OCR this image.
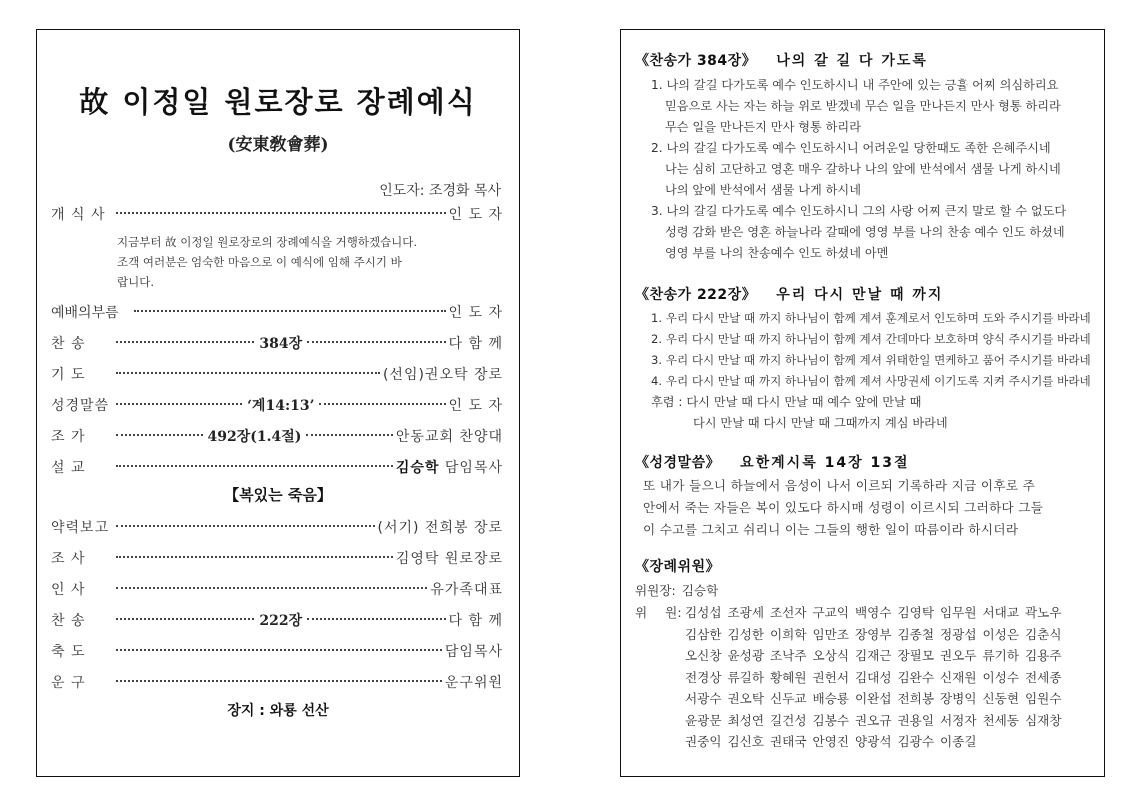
故 이정일 원로장로 장례예식
(安東敎會葬)
인도자: 조경화 목사
개 식 사	인 도 자
지금부터 故 이정일 원로장로의 장례예식을 거행하겠습니다.
조객 여러분은 엄숙한 마음으로 이 예식에 임해 주시기 바
랍니다.
예배의부름	인 도 자
찬 송	384장	다 함 께
기 도	(선임)권오탁 장로
성경말씀	‘계14:13’	인 도 자
조 가	492장(1.4절)	안동교회 찬양대
설 교	김승학 담임목사
【복있는 죽음】
약력보고	(서기) 전희봉 장로
조 사	김영탁 원로장로
인 사	유가족대표
찬 송	222장	다 함 께
축 도	담임목사
운 구	운구위원
장지 : 와룡 선산
《찬송가 384장》 나의 갈 길 다 가도록
1. 나의 갈길 다가도록 예수 인도하시니 내 주안에 있는 긍휼 어찌 의심하리요
믿음으로 사는 자는 하늘 위로 받겠네 무슨 일을 만나든지 만사 형통 하리라
무슨 일을 만나든지 만사 형통 하리라
2. 나의 갈길 다가도록 예수 인도하시니 어려운일 당한때도 족한 은혜주시네
나는 심히 고단하고 영혼 매우 갈하나 나의 앞에 반석에서 샘물 나게 하시네
나의 앞에 반석에서 샘물 나게 하시네
3. 나의 갈길 다가도록 예수 인도하시니 그의 사랑 어찌 큰지 말로 할 수 없도다
성령 감화 받은 영혼 하늘나라 갈때에 영영 부를 나의 찬송 예수 인도 하셨네
영영 부를 나의 찬송예수 인도 하셨네 아멘
《찬송가 222장》 우리 다시 만날 때 까지
1. 우리 다시 만날 때 까지 하나님이 함께 계셔 훈계로서 인도하며 도와 주시기를 바라네
2. 우리 다시 만날 때 까지 하나님이 함께 계셔 간데마다 보호하며 양식 주시기를 바라네
3. 우리 다시 만날 때 까지 하나님이 함께 계셔 위태한일 면케하고 품어 주시기를 바라네
4. 우리 다시 만날 때 까지 하나님이 함께 계셔 사망권세 이기도록 지켜 주시기를 바라네
후렴 : 다시 만날 때 다시 만날 때 예수 앞에 만날 때
다시 만날 때 다시 만날 때 그때까지 계심 바라네
《성경말씀》 요한계시록 14장 13절
또 내가 들으니 하늘에서 음성이 나서 이르되 기록하라 지금 이후로 주
안에서 죽는 자들은 복이 있도다 하시매 성령이 이르시되 그러하다 그들
이 수고를 그치고 쉬리니 이는 그들의 행한 일이 따름이라 하시더라
《장례위원》
위원장: 김승학
위   원: 김성섭 조광세 조선자 구교익 백영수 김영탁 임무원 서대교 곽노우
김삼한 김성한 이희학 임만조 장영부 김종철 정광섭 이성은 김춘식
오신창 윤성광 조낙주 오상식 김재근 장필모 권오두 류기하 김용주
전경상 류길하 황혜원 권헌서 김대성 김완수 신재원 이성수 전세종
서광수 권오탁 신두교 배승룡 이완섭 전희봉 장병익 신동현 임원수
윤광문 최성연 길건성 김봉수 권오규 권용일 서정자 천세동 심재창
권중익 김신호 권태국 안영진 양광석 김광수 이종길
